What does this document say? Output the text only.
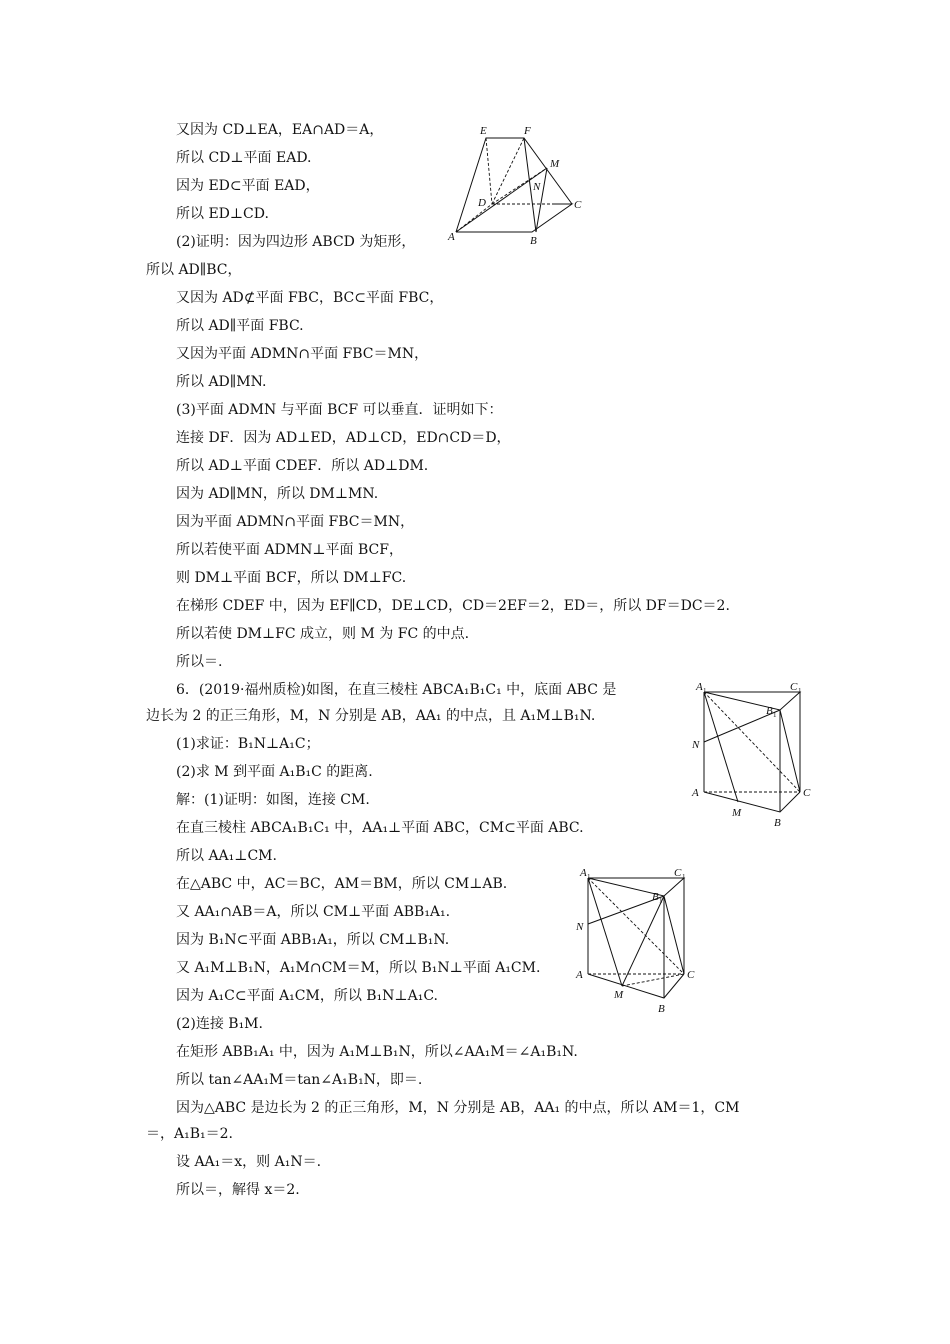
又因为 CD⊥EA，EA∩AD＝A，
所以 CD⊥平面 EAD.
因为 ED⊂平面 EAD，
所以 ED⊥CD.
(2)证明：因为四边形 ABCD 为矩形，
所以 AD∥BC，
又因为 AD⊄平面 FBC，BC⊂平面 FBC，
所以 AD∥平面 FBC.
又因为平面 ADMN∩平面 FBC＝MN，
所以 AD∥MN.
(3)平面 ADMN 与平面 BCF 可以垂直．证明如下：
连接 DF．因为 AD⊥ED，AD⊥CD，ED∩CD＝D，
所以 AD⊥平面 CDEF．所以 AD⊥DM.
因为 AD∥MN，所以 DM⊥MN.
因为平面 ADMN∩平面 FBC＝MN，
所以若使平面 ADMN⊥平面 BCF，
则 DM⊥平面 BCF，所以 DM⊥FC.
在梯形 CDEF 中，因为 EF∥CD，DE⊥CD，CD＝2EF＝2，ED＝，所以 DF＝DC＝2.
所以若使 DM⊥FC 成立，则 M 为 FC 的中点.
所以＝.
6．(2019·福州质检)如图，在直三棱柱 ABCA₁B₁C₁ 中，底面 ABC 是
边长为 2 的正三角形，M，N 分别是 AB，AA₁ 的中点，且 A₁M⊥B₁N.
(1)求证：B₁N⊥A₁C；
(2)求 M 到平面 A₁B₁C 的距离.
解：(1)证明：如图，连接 CM.
在直三棱柱 ABCA₁B₁C₁ 中，AA₁⊥平面 ABC，CM⊂平面 ABC.
所以 AA₁⊥CM.
在△ABC 中，AC＝BC，AM＝BM，所以 CM⊥AB.
又 AA₁∩AB＝A，所以 CM⊥平面 ABB₁A₁.
因为 B₁N⊂平面 ABB₁A₁，所以 CM⊥B₁N.
又 A₁M⊥B₁N，A₁M∩CM＝M，所以 B₁N⊥平面 A₁CM.
因为 A₁C⊂平面 A₁CM，所以 B₁N⊥A₁C.
(2)连接 B₁M.
在矩形 ABB₁A₁ 中，因为 A₁M⊥B₁N，所以∠AA₁M＝∠A₁B₁N.
所以 tan∠AA₁M＝tan∠A₁B₁N，即＝.
因为△ABC 是边长为 2 的正三角形，M，N 分别是 AB，AA₁ 的中点，所以 AM＝1，CM
＝，A₁B₁＝2.
设 AA₁＝x，则 A₁N＝.
所以＝，解得 x＝2.
E	F
M
N
D	C
A	B
A 1	C 1
B 1
N
A	C
M
B
A 1	C 1
B 1
N
A	C
M
B
